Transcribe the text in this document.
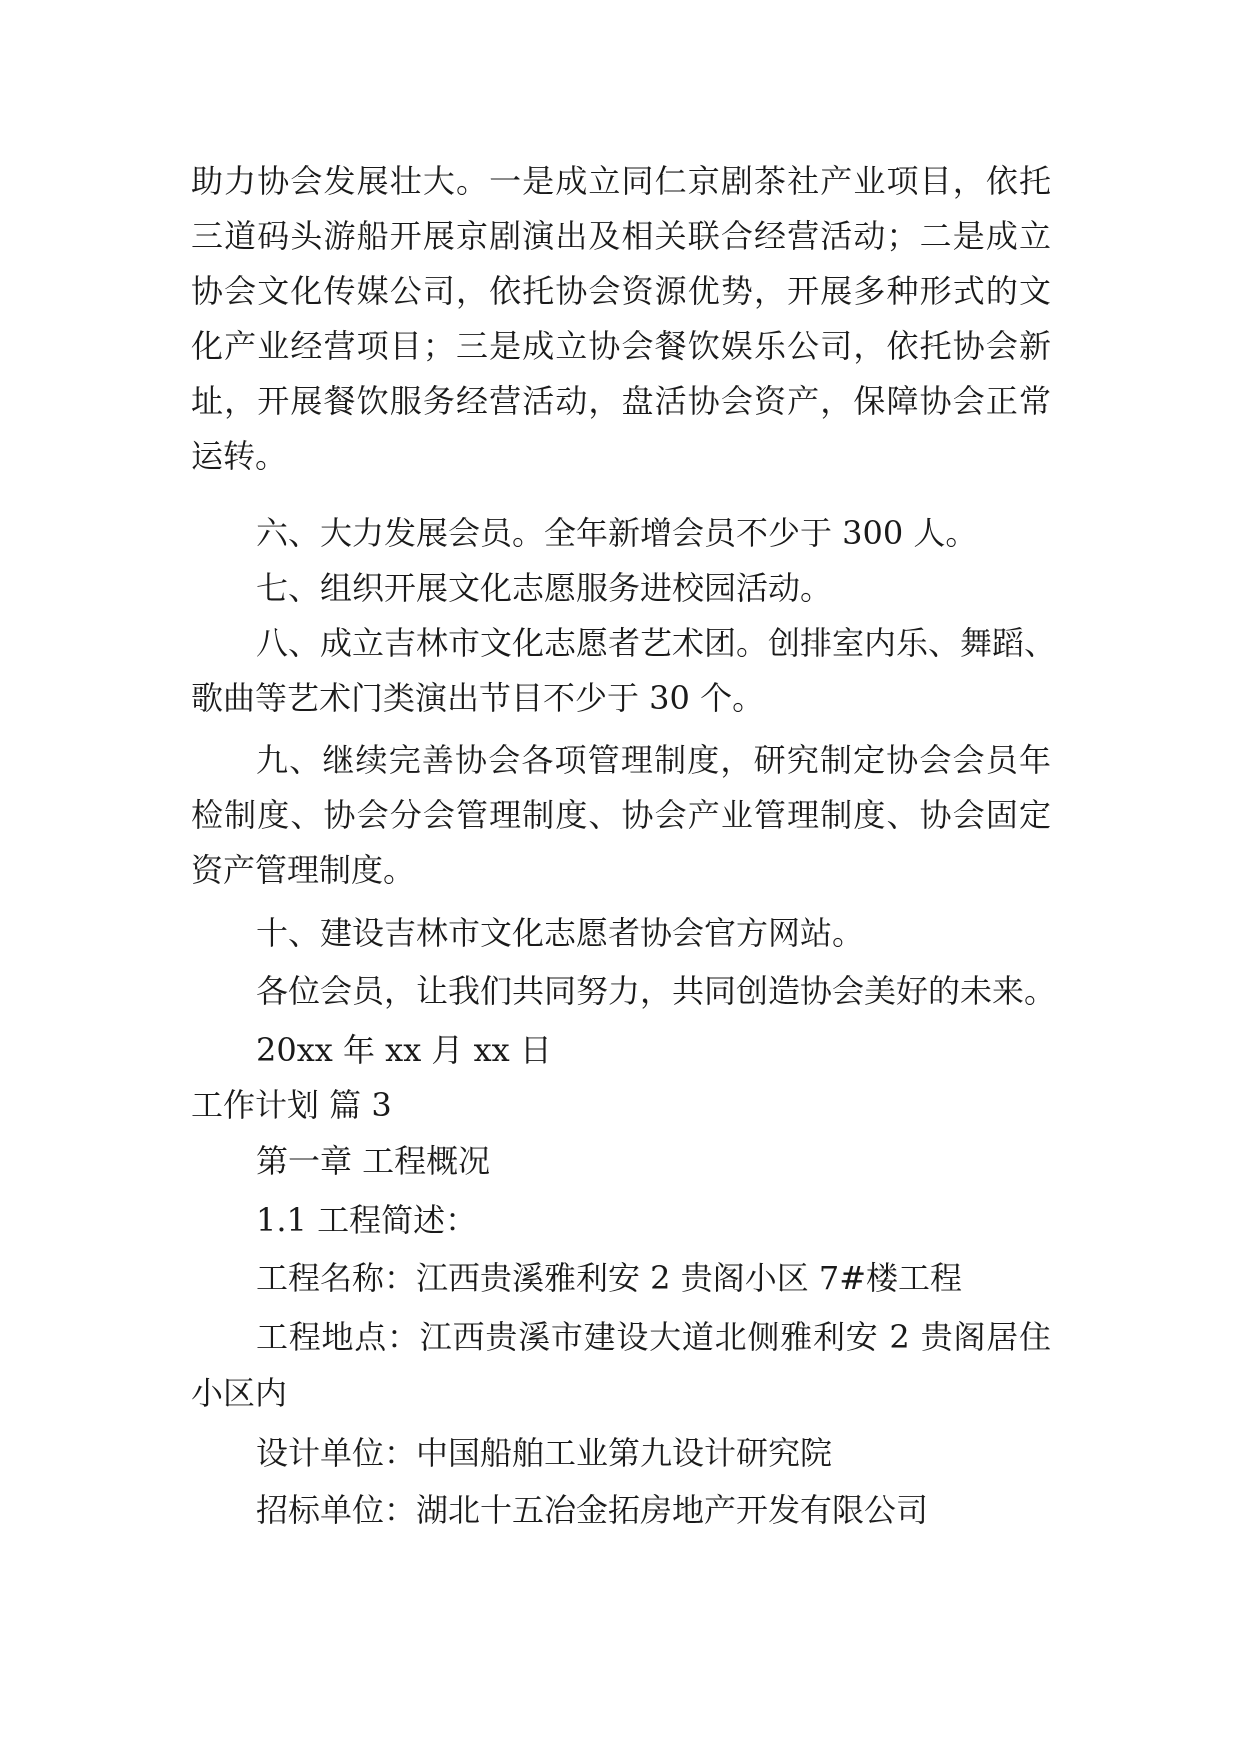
助力协会发展壮大。一是成立同仁京剧茶社产业项目，依托
三道码头游船开展京剧演出及相关联合经营活动；二是成立
协会文化传媒公司，依托协会资源优势，开展多种形式的文
化产业经营项目；三是成立协会餐饮娱乐公司，依托协会新
址，开展餐饮服务经营活动，盘活协会资产，保障协会正常
运转。
六、大力发展会员。全年新增会员不少于 300 人。
七、组织开展文化志愿服务进校园活动。
八、成立吉林市文化志愿者艺术团。创排室内乐、舞蹈、
歌曲等艺术门类演出节目不少于 30 个。
九、继续完善协会各项管理制度，研究制定协会会员年
检制度、协会分会管理制度、协会产业管理制度、协会固定
资产管理制度。
十、建设吉林市文化志愿者协会官方网站。
各位会员，让我们共同努力，共同创造协会美好的未来。
20xx 年 xx 月 xx 日
工作计划 篇 3
第一章 工程概况
1.1 工程简述：
工程名称：江西贵溪雅利安 2 贵阁小区 7#楼工程
工程地点：江西贵溪市建设大道北侧雅利安 2 贵阁居住
小区内
设计单位：中国船舶工业第九设计研究院
招标单位：湖北十五冶金拓房地产开发有限公司
